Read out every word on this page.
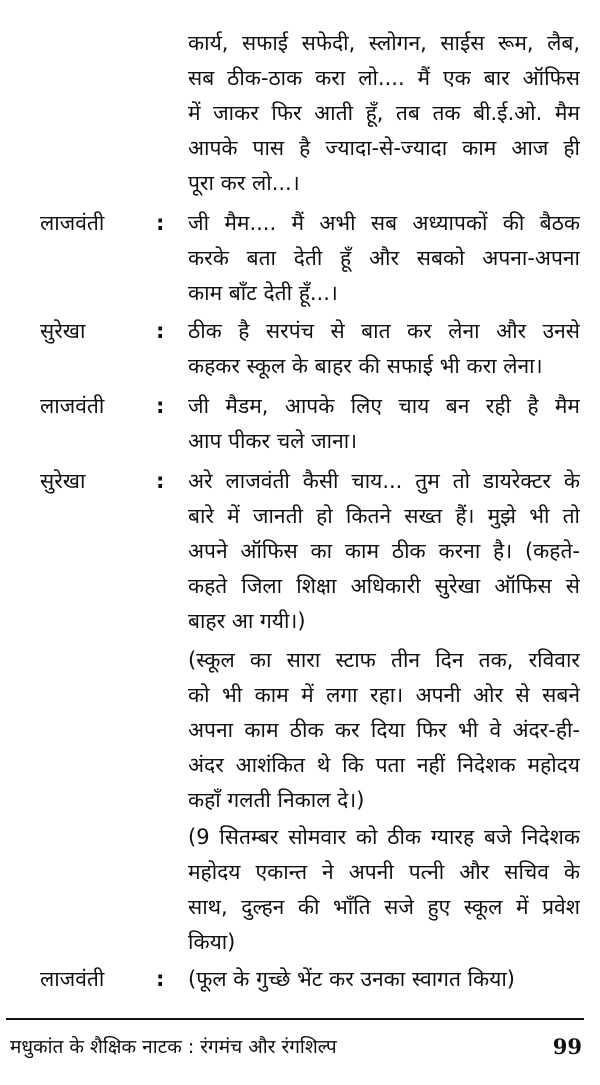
कार्य, सफाई सफेदी, स्लोगन, साईस रूम, लैब,
सब ठीक-ठाक करा लो.... मैं एक बार ऑफिस
में जाकर फिर आती हूँ, तब तक बी.ई.ओ. मैम
आपके पास है ज्यादा-से-ज्यादा काम आज ही
पूरा कर लो...।
लाजवंती	: जी मैम.... मैं अभी सब अध्यापकों की बैठक
करके बता देती हूँ और सबको अपना-अपना
काम बाँट देती हूँ...।
सुरेखा	: ठीक है सरपंच से बात कर लेना और उनसे
कहकर स्कूल के बाहर की सफाई भी करा लेना।
लाजवंती	: जी मैडम, आपके लिए चाय बन रही है मैम
आप पीकर चले जाना।
सुरेखा	: अरे लाजवंती कैसी चाय... तुम तो डायरेक्टर के
बारे में जानती हो कितने सख्त हैं। मुझे भी तो
अपने ऑफिस का काम ठीक करना है। (कहते-
कहते जिला शिक्षा अधिकारी सुरेखा ऑफिस से
बाहर आ गयी।)
(स्कूल का सारा स्टाफ तीन दिन तक, रविवार
को भी काम में लगा रहा। अपनी ओर से सबने
अपना काम ठीक कर दिया फिर भी वे अंदर-ही-
अंदर आशंकित थे कि पता नहीं निदेशक महोदय
कहाँ गलती निकाल दे।)
(9 सितम्बर सोमवार को ठीक ग्यारह बजे निदेशक
महोदय एकान्त ने अपनी पत्नी और सचिव के
साथ, दुल्हन की भाँति सजे हुए स्कूल में प्रवेश
किया)
लाजवंती	: (फूल के गुच्छे भेंट कर उनका स्वागत किया)
मधुकांत के शैक्षिक नाटक : रंगमंच और रंगशिल्प	99
